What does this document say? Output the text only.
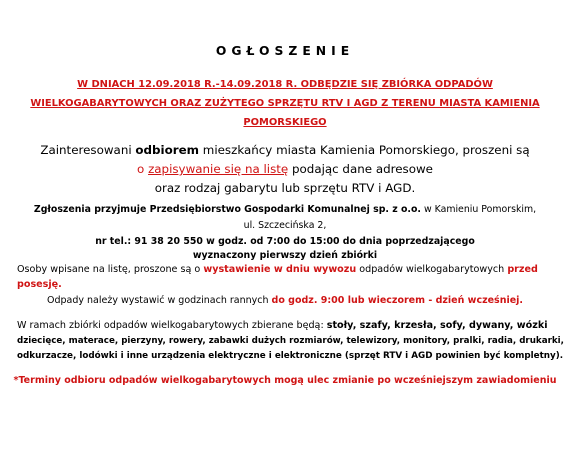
OGŁOSZENIE
W DNIACH 12.09.2018 R.-14.09.2018 R. ODBĘDZIE SIĘ ZBIÓRKA ODPADÓW
WIELKOGABARYTOWYCH ORAZ ZUŻYTEGO SPRZĘTU RTV I AGD Z TERENU MIASTA KAMIENIA
POMORSKIEGO
Zainteresowani odbiorem mieszkańcy miasta Kamienia Pomorskiego, proszeni są
o zapisywanie się na listę podając dane adresowe
oraz rodzaj gabarytu lub sprzętu RTV i AGD.
Zgłoszenia przyjmuje Przedsiębiorstwo Gospodarki Komunalnej sp. z o.o. w Kamieniu Pomorskim,
ul. Szczecińska 2,
nr tel.: 91 38 20 550 w godz. od 7:00 do 15:00 do dnia poprzedzającego
wyznaczony pierwszy dzień zbiórki
Osoby wpisane na listę, proszone są o wystawienie w dniu wywozu odpadów wielkogabarytowych przed
posesję.
Odpady należy wystawić w godzinach rannych do godz. 9:00 lub wieczorem - dzień wcześniej.
W ramach zbiórki odpadów wielkogabarytowych zbierane będą: stoły, szafy, krzesła, sofy, dywany, wózki
dziecięce, materace, pierzyny, rowery, zabawki dużych rozmiarów, telewizory, monitory, pralki, radia, drukarki,
odkurzacze, lodówki i inne urządzenia elektryczne i elektroniczne (sprzęt RTV i AGD powinien być kompletny).
*Terminy odbioru odpadów wielkogabarytowych mogą ulec zmianie po wcześniejszym zawiadomieniu
